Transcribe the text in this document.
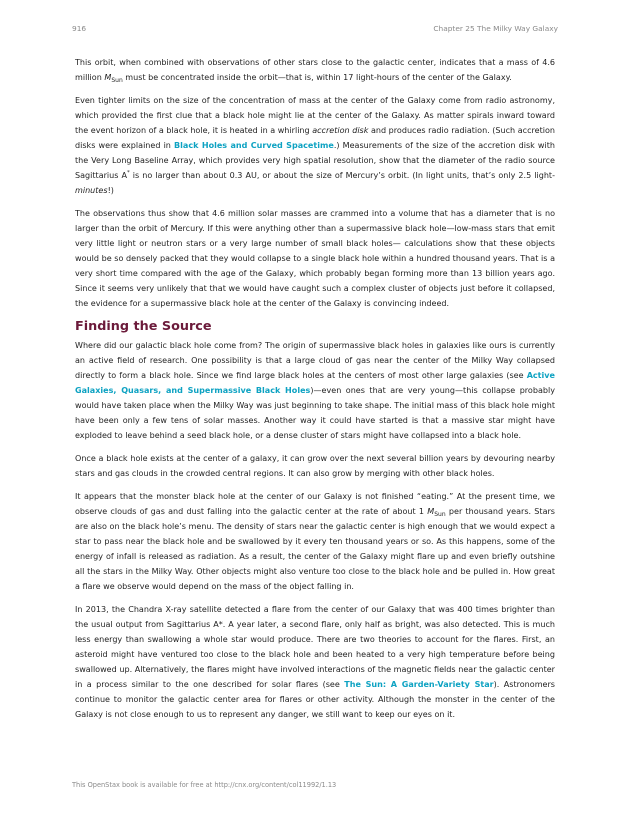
916	Chapter 25 The Milky Way Galaxy

This orbit, when combined with observations of other stars close to the galactic center, indicates that a mass of 4.6 million $M_{Sun}$ must be concentrated inside the orbit—that is, within 17 light-hours of the center of the Galaxy.

Even tighter limits on the size of the concentration of mass at the center of the Galaxy come from radio astronomy, which provided the first clue that a black hole might lie at the center of the Galaxy. As matter spirals inward toward the event horizon of a black hole, it is heated in a whirling accretion disk and produces radio radiation. (Such accretion disks were explained in Black Holes and Curved Spacetime.) Measurements of the size of the accretion disk with the Very Long Baseline Array, which provides very high spatial resolution, show that the diameter of the radio source Sagittarius A* is no larger than about 0.3 AU, or about the size of Mercury’s orbit. (In light units, that’s only 2.5 light-minutes!)

The observations thus show that 4.6 million solar masses are crammed into a volume that has a diameter that is no larger than the orbit of Mercury. If this were anything other than a supermassive black hole—low-mass stars that emit very little light or neutron stars or a very large number of small black holes— calculations show that these objects would be so densely packed that they would collapse to a single black hole within a hundred thousand years. That is a very short time compared with the age of the Galaxy, which probably began forming more than 13 billion years ago. Since it seems very unlikely that that we would have caught such a complex cluster of objects just before it collapsed, the evidence for a supermassive black hole at the center of the Galaxy is convincing indeed.

Finding the Source

Where did our galactic black hole come from? The origin of supermassive black holes in galaxies like ours is currently an active field of research. One possibility is that a large cloud of gas near the center of the Milky Way collapsed directly to form a black hole. Since we find large black holes at the centers of most other large galaxies (see Active Galaxies, Quasars, and Supermassive Black Holes)—even ones that are very young—this collapse probably would have taken place when the Milky Way was just beginning to take shape. The initial mass of this black hole might have been only a few tens of solar masses. Another way it could have started is that a massive star might have exploded to leave behind a seed black hole, or a dense cluster of stars might have collapsed into a black hole.

Once a black hole exists at the center of a galaxy, it can grow over the next several billion years by devouring nearby stars and gas clouds in the crowded central regions. It can also grow by merging with other black holes.

It appears that the monster black hole at the center of our Galaxy is not finished “eating.” At the present time, we observe clouds of gas and dust falling into the galactic center at the rate of about 1 $M_{Sun}$ per thousand years. Stars are also on the black hole’s menu. The density of stars near the galactic center is high enough that we would expect a star to pass near the black hole and be swallowed by it every ten thousand years or so. As this happens, some of the energy of infall is released as radiation. As a result, the center of the Galaxy might flare up and even briefly outshine all the stars in the Milky Way. Other objects might also venture too close to the black hole and be pulled in. How great a flare we observe would depend on the mass of the object falling in.

In 2013, the Chandra X-ray satellite detected a flare from the center of our Galaxy that was 400 times brighter than the usual output from Sagittarius A*. A year later, a second flare, only half as bright, was also detected. This is much less energy than swallowing a whole star would produce. There are two theories to account for the flares. First, an asteroid might have ventured too close to the black hole and been heated to a very high temperature before being swallowed up. Alternatively, the flares might have involved interactions of the magnetic fields near the galactic center in a process similar to the one described for solar flares (see The Sun: A Garden-Variety Star). Astronomers continue to monitor the galactic center area for flares or other activity. Although the monster in the center of the Galaxy is not close enough to us to represent any danger, we still want to keep our eyes on it.

This OpenStax book is available for free at http://cnx.org/content/col11992/1.13
